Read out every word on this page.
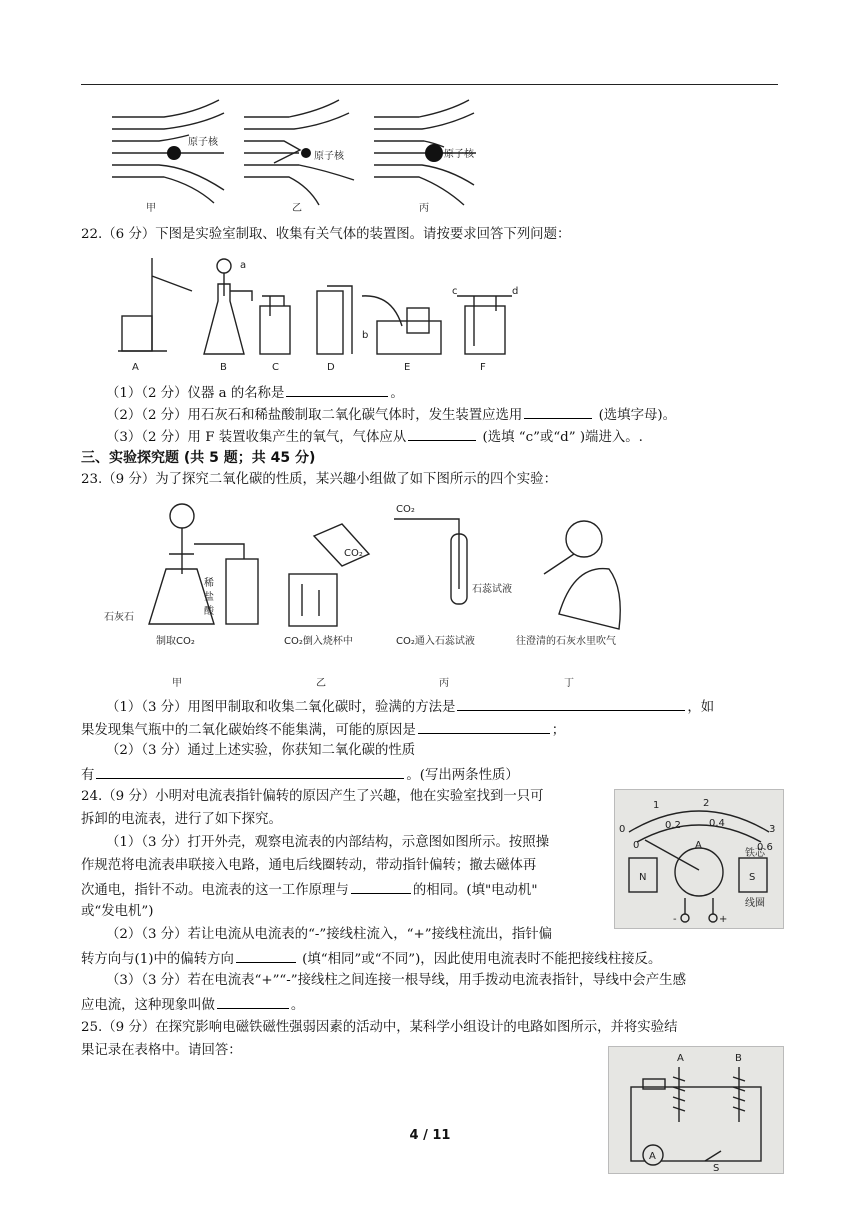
原子核
原子核	原子核
甲	乙	丙
22.（6 分）下图是实验室制取、收集有关气体的装置图。请按要求回答下列问题：
a
b
c	d
A	B	C	D	E	F
（1）（2 分）仪器 a 的名称是	。
（2）（2 分）用石灰石和稀盐酸制取二氧化碳气体时，发生装置应选用	(选填字母)。
（3）（2 分）用 F 装置收集产生的氧气，气体应从	(选填 “c”或“d” )端进入。.
三、实验探究题 (共 5 题；共 45 分)
23.（9 分）为了探究二氧化碳的性质，某兴趣小组做了如下图所示的四个实验：
CO₂
CO₂
稀
盐
酸
石灰石
石蕊试液
制取CO₂	CO₂倒入烧杯中	CO₂通入石蕊试液	往澄清的石灰水里吹气
甲	乙	丙	丁
（1）（3 分）用图甲制取和收集二氧化碳时，验满的方法是	，如
果发现集气瓶中的二氧化碳始终不能集满，可能的原因是	；
（2）（3 分）通过上述实验，你获知二氧化碳的性质
有	。(写出两条性质）
24.（9 分）小明对电流表指针偏转的原因产生了兴趣，他在实验室找到一只可
拆卸的电流表，进行了如下探究。
（1）（3 分）打开外壳，观察电流表的内部结构，示意图如图所示。按照操
作规范将电流表串联接入电路，通电后线圈转动，带动指针偏转；撤去磁体再
次通电，指针不动。电流表的这一工作原理与	的相同。(填"电动机"
或“发电机”)
（2）（3 分）若让电流从电流表的“-”接线柱流入，“+”接线柱流出，指针偏
转方向与(1)中的偏转方向	(填“相同”或“不同”)，因此使用电流表时不能把接线柱接反。
（3）（3 分）若在电流表“+”“-”接线柱之间连接一根导线，用手拨动电流表指针，导线中会产生感
应电流，这种现象叫做	。
1	2
0.2	0.4
0	3
0	0.6
A
N	S
铁芯
线圈
-	+
25.（9 分）在探究影响电磁铁磁性强弱因素的活动中，某科学小组设计的电路如图所示，并将实验结
果记录在表格中。请回答：
A	B
A
S
4 / 11
